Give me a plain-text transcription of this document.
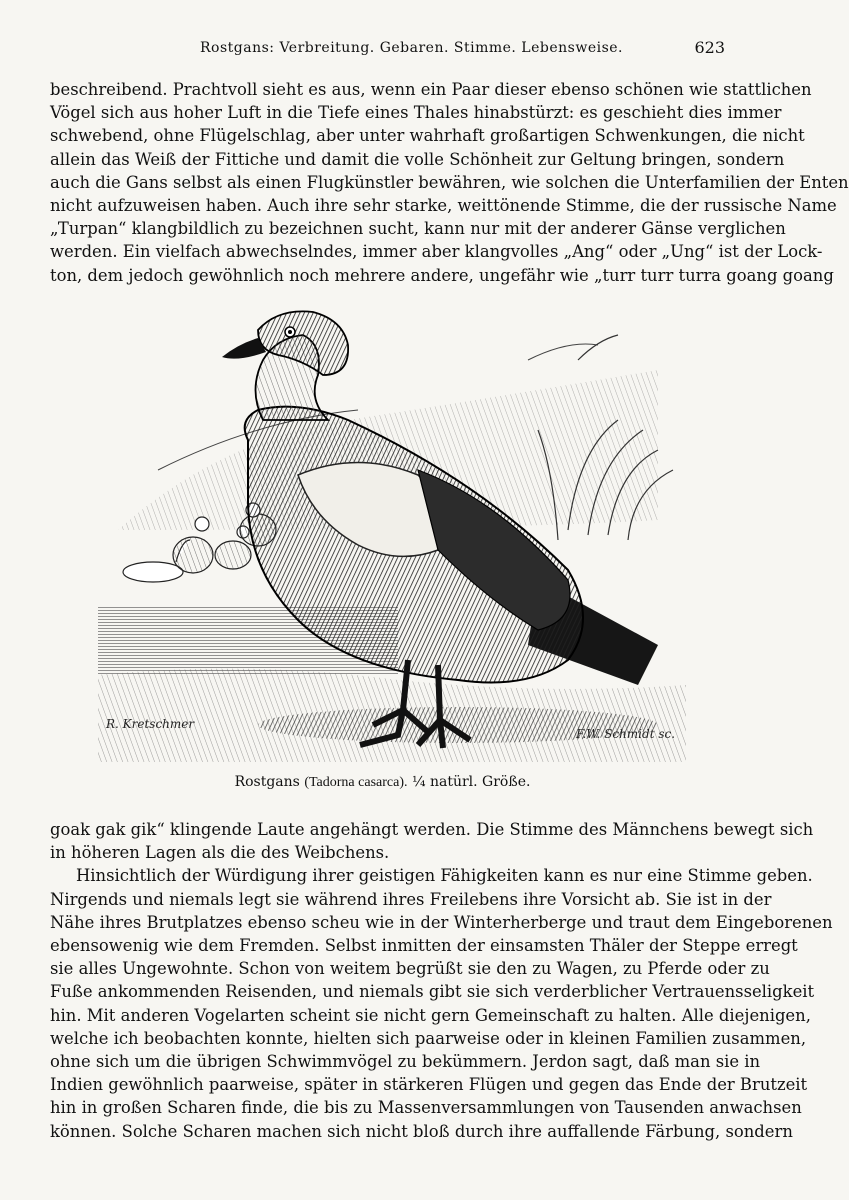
Rostgans: Verbreitung. Gebaren. Stimme. Lebensweise.	623

beschreibend. Prachtvoll sieht es aus, wenn ein Paar dieser ebenso schönen wie stattlichen

Vögel sich aus hoher Luft in die Tiefe eines Thales hinabstürzt: es geschieht dies immer

schwebend, ohne Flügelschlag, aber unter wahrhaft großartigen Schwenkungen, die nicht

allein das Weiß der Fittiche und damit die volle Schönheit zur Geltung bringen, sondern

auch die Gans selbst als einen Flugkünstler bewähren, wie solchen die Unterfamilien der Enten

nicht aufzuweisen haben. Auch ihre sehr starke, weittönende Stimme, die der russische Name

„Turpan“ klangbildlich zu bezeichnen sucht, kann nur mit der anderer Gänse verglichen

werden. Ein vielfach abwechselndes, immer aber klangvolles „Ang“ oder „Ung“ ist der Lock-

ton, dem jedoch gewöhnlich noch mehrere andere, ungefähr wie „turr turr turra goang goang

R. Kretschmer
F.W. Schmidt sc.
Rostgans (Tadorna casarca). ¼ natürl. Größe.

goak gak gik“ klingende Laute angehängt werden. Die Stimme des Männchens bewegt sich

in höheren Lagen als die des Weibchens.

Hinsichtlich der Würdigung ihrer geistigen Fähigkeiten kann es nur eine Stimme geben.

Nirgends und niemals legt sie während ihres Freilebens ihre Vorsicht ab. Sie ist in der

Nähe ihres Brutplatzes ebenso scheu wie in der Winterherberge und traut dem Eingeborenen

ebensowenig wie dem Fremden. Selbst inmitten der einsamsten Thäler der Steppe erregt

sie alles Ungewohnte. Schon von weitem begrüßt sie den zu Wagen, zu Pferde oder zu

Fuße ankommenden Reisenden, und niemals gibt sie sich verderblicher Vertrauensseligkeit

hin. Mit anderen Vogelarten scheint sie nicht gern Gemeinschaft zu halten. Alle diejenigen,

welche ich beobachten konnte, hielten sich paarweise oder in kleinen Familien zusammen,

ohne sich um die übrigen Schwimmvögel zu bekümmern. Jerdon sagt, daß man sie in

Indien gewöhnlich paarweise, später in stärkeren Flügen und gegen das Ende der Brutzeit

hin in großen Scharen finde, die bis zu Massenversammlungen von Tausenden anwachsen

können. Solche Scharen machen sich nicht bloß durch ihre auffallende Färbung, sondern
